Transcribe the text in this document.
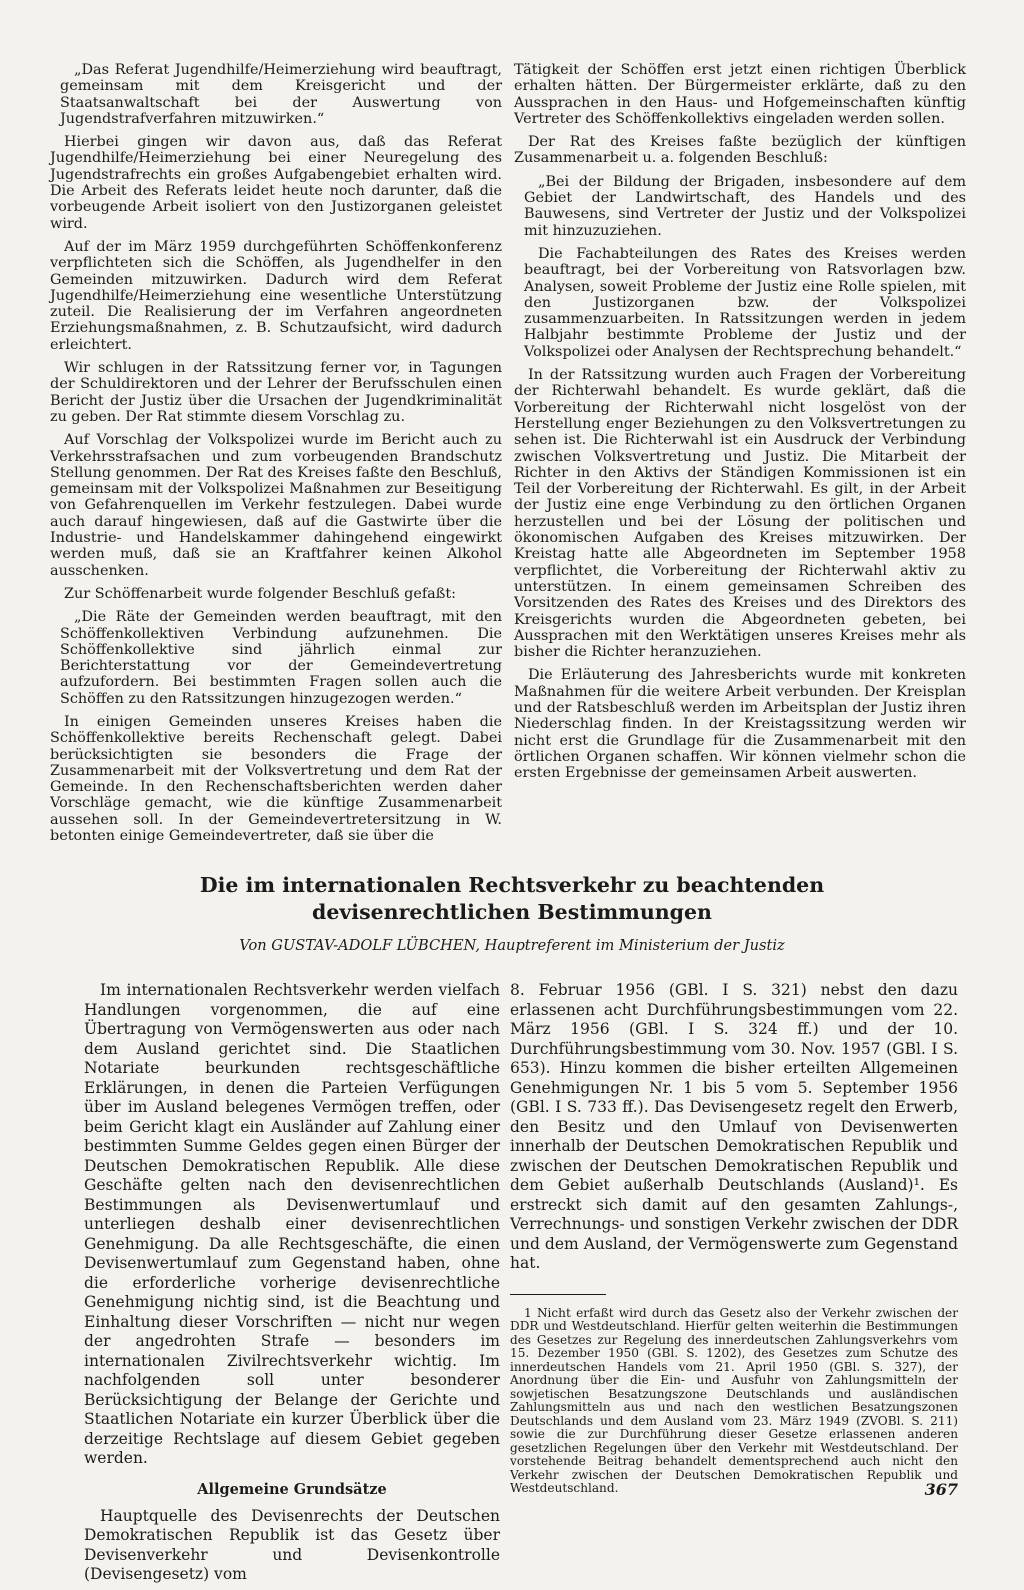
„Das Referat Jugendhilfe/Heimerziehung wird beauftragt, gemeinsam mit dem Kreisgericht und der Staatsanwaltschaft bei der Auswertung von Jugendstrafverfahren mitzuwirken.“

Hierbei gingen wir davon aus, daß das Referat Jugendhilfe/Heimerziehung bei einer Neuregelung des Jugendstrafrechts ein großes Aufgabengebiet erhalten wird. Die Arbeit des Referats leidet heute noch darunter, daß die vorbeugende Arbeit isoliert von den Justizorganen geleistet wird.

Auf der im März 1959 durchgeführten Schöffenkonferenz verpflichteten sich die Schöffen, als Jugendhelfer in den Gemeinden mitzuwirken. Dadurch wird dem Referat Jugendhilfe/Heimerziehung eine wesentliche Unterstützung zuteil. Die Realisierung der im Verfahren angeordneten Erziehungsmaßnahmen, z. B. Schutzaufsicht, wird dadurch erleichtert.

Wir schlugen in der Ratssitzung ferner vor, in Tagungen der Schuldirektoren und der Lehrer der Berufsschulen einen Bericht der Justiz über die Ursachen der Jugendkriminalität zu geben. Der Rat stimmte diesem Vorschlag zu.

Auf Vorschlag der Volkspolizei wurde im Bericht auch zu Verkehrsstrafsachen und zum vorbeugenden Brandschutz Stellung genommen. Der Rat des Kreises faßte den Beschluß, gemeinsam mit der Volkspolizei Maßnahmen zur Beseitigung von Gefahrenquellen im Verkehr festzulegen. Dabei wurde auch darauf hingewiesen, daß auf die Gastwirte über die Industrie- und Handelskammer dahingehend eingewirkt werden muß, daß sie an Kraftfahrer keinen Alkohol ausschenken.

Zur Schöffenarbeit wurde folgender Beschluß gefaßt:

„Die Räte der Gemeinden werden beauftragt, mit den Schöffenkollektiven Verbindung aufzunehmen. Die Schöffenkollektive sind jährlich einmal zur Berichterstattung vor der Gemeindevertretung aufzufordern. Bei bestimmten Fragen sollen auch die Schöffen zu den Ratssitzungen hinzugezogen werden.“

In einigen Gemeinden unseres Kreises haben die Schöffenkollektive bereits Rechenschaft gelegt. Dabei berücksichtigten sie besonders die Frage der Zusammenarbeit mit der Volksvertretung und dem Rat der Gemeinde. In den Rechenschaftsberichten werden daher Vorschläge gemacht, wie die künftige Zusammenarbeit aussehen soll. In der Gemeindevertretersitzung in W. betonten einige Gemeindevertreter, daß sie über die

Tätigkeit der Schöffen erst jetzt einen richtigen Überblick erhalten hätten. Der Bürgermeister erklärte, daß zu den Aussprachen in den Haus- und Hofgemeinschaften künftig Vertreter des Schöffenkollektivs eingeladen werden sollen.

Der Rat des Kreises faßte bezüglich der künftigen Zusammenarbeit u. a. folgenden Beschluß:

„Bei der Bildung der Brigaden, insbesondere auf dem Gebiet der Landwirtschaft, des Handels und des Bauwesens, sind Vertreter der Justiz und der Volkspolizei mit hinzuzuziehen.

Die Fachabteilungen des Rates des Kreises werden beauftragt, bei der Vorbereitung von Ratsvorlagen bzw. Analysen, soweit Probleme der Justiz eine Rolle spielen, mit den Justizorganen bzw. der Volkspolizei zusammenzuarbeiten. In Ratssitzungen werden in jedem Halbjahr bestimmte Probleme der Justiz und der Volkspolizei oder Analysen der Rechtsprechung behandelt.“

In der Ratssitzung wurden auch Fragen der Vorbereitung der Richterwahl behandelt. Es wurde geklärt, daß die Vorbereitung der Richterwahl nicht losgelöst von der Herstellung enger Beziehungen zu den Volksvertretungen zu sehen ist. Die Richterwahl ist ein Ausdruck der Verbindung zwischen Volksvertretung und Justiz. Die Mitarbeit der Richter in den Aktivs der Ständigen Kommissionen ist ein Teil der Vorbereitung der Richterwahl. Es gilt, in der Arbeit der Justiz eine enge Verbindung zu den örtlichen Organen herzustellen und bei der Lösung der politischen und ökonomischen Aufgaben des Kreises mitzuwirken. Der Kreistag hatte alle Abgeordneten im September 1958 verpflichtet, die Vorbereitung der Richterwahl aktiv zu unterstützen. In einem gemeinsamen Schreiben des Vorsitzenden des Rates des Kreises und des Direktors des Kreisgerichts wurden die Abgeordneten gebeten, bei Aussprachen mit den Werktätigen unseres Kreises mehr als bisher die Richter heranzuziehen.

Die Erläuterung des Jahresberichts wurde mit konkreten Maßnahmen für die weitere Arbeit verbunden. Der Kreisplan und der Ratsbeschluß werden im Arbeitsplan der Justiz ihren Niederschlag finden. In der Kreistagssitzung werden wir nicht erst die Grundlage für die Zusammenarbeit mit den örtlichen Organen schaffen. Wir können vielmehr schon die ersten Ergebnisse der gemeinsamen Arbeit auswerten.

Die im internationalen Rechtsverkehr zu beachtenden
devisenrechtlichen Bestimmungen

Von GUSTAV-ADOLF LÜBCHEN, Hauptreferent im Ministerium der Justiz

Im internationalen Rechtsverkehr werden vielfach Handlungen vorgenommen, die auf eine Übertragung von Vermögenswerten aus oder nach dem Ausland gerichtet sind. Die Staatlichen Notariate beurkunden rechtsgeschäftliche Erklärungen, in denen die Parteien Verfügungen über im Ausland belegenes Vermögen treffen, oder beim Gericht klagt ein Ausländer auf Zahlung einer bestimmten Summe Geldes gegen einen Bürger der Deutschen Demokratischen Republik. Alle diese Geschäfte gelten nach den devisenrechtlichen Bestimmungen als Devisenwertumlauf und unterliegen deshalb einer devisenrechtlichen Genehmigung. Da alle Rechtsgeschäfte, die einen Devisenwertumlauf zum Gegenstand haben, ohne die erforderliche vorherige devisenrechtliche Genehmigung nichtig sind, ist die Beachtung und Einhaltung dieser Vorschriften — nicht nur wegen der angedrohten Strafe — besonders im internationalen Zivilrechtsverkehr wichtig. Im nachfolgenden soll unter besonderer Berücksichtigung der Belange der Gerichte und Staatlichen Notariate ein kurzer Überblick über die derzeitige Rechtslage auf diesem Gebiet gegeben werden.

Allgemeine Grundsätze

Hauptquelle des Devisenrechts der Deutschen Demokratischen Republik ist das Gesetz über Devisenverkehr und Devisenkontrolle (Devisengesetz) vom

8. Februar 1956 (GBl. I S. 321) nebst den dazu erlassenen acht Durchführungsbestimmungen vom 22. März 1956 (GBl. I S. 324 ff.) und der 10. Durchführungsbestimmung vom 30. Nov. 1957 (GBl. I S. 653). Hinzu kommen die bisher erteilten Allgemeinen Genehmigungen Nr. 1 bis 5 vom 5. September 1956 (GBl. I S. 733 ff.). Das Devisengesetz regelt den Erwerb, den Besitz und den Umlauf von Devisenwerten innerhalb der Deutschen Demokratischen Republik und zwischen der Deutschen Demokratischen Republik und dem Gebiet außerhalb Deutschlands (Ausland)¹. Es erstreckt sich damit auf den gesamten Zahlungs-, Verrechnungs- und sonstigen Verkehr zwischen der DDR und dem Ausland, der Vermögenswerte zum Gegenstand hat.

1 Nicht erfaßt wird durch das Gesetz also der Verkehr zwischen der DDR und Westdeutschland. Hierfür gelten weiterhin die Bestimmungen des Gesetzes zur Regelung des innerdeutschen Zahlungsverkehrs vom 15. Dezember 1950 (GBl. S. 1202), des Gesetzes zum Schutze des innerdeutschen Handels vom 21. April 1950 (GBl. S. 327), der Anordnung über die Ein- und Ausfuhr von Zahlungsmitteln der sowjetischen Besatzungszone Deutschlands und ausländischen Zahlungsmitteln aus und nach den westlichen Besatzungszonen Deutschlands und dem Ausland vom 23. März 1949 (ZVOBl. S. 211) sowie die zur Durchführung dieser Gesetze erlassenen anderen gesetzlichen Regelungen über den Verkehr mit Westdeutschland. Der vorstehende Beitrag behandelt dementsprechend auch nicht den Verkehr zwischen der Deutschen Demokratischen Republik und Westdeutschland.	367
